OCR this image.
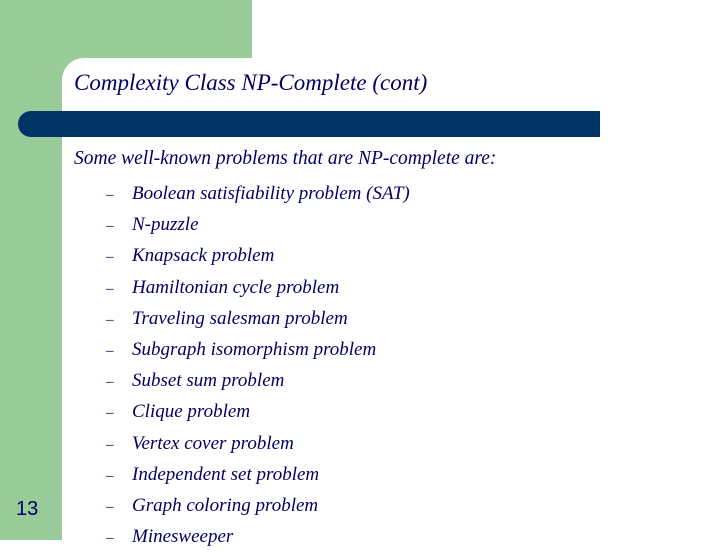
Complexity Class NP-Complete (cont)
Some well-known problems that are NP-complete are:
– Boolean satisfiability problem (SAT)
– N-puzzle
– Knapsack problem
– Hamiltonian cycle problem
– Traveling salesman problem
– Subgraph isomorphism problem
– Subset sum problem
– Clique problem
– Vertex cover problem
– Independent set problem
– Graph coloring problem
– Minesweeper
13
